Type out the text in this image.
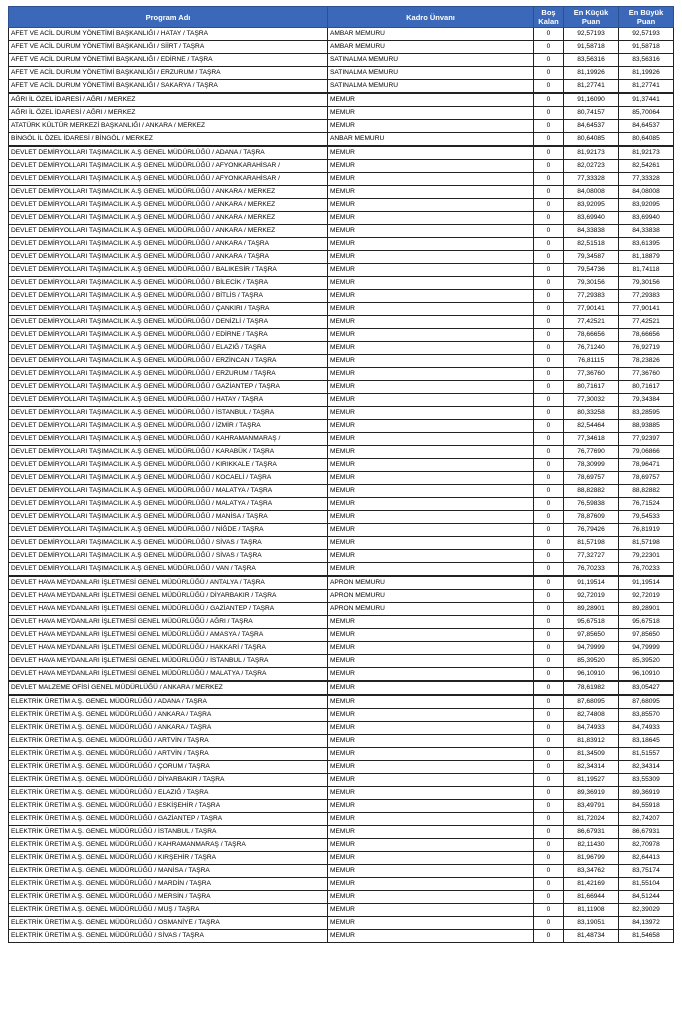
Program Adı	Kadro Ünvanı	Boş Kalan	En Küçük Puan	En Büyük Puan
AFET VE ACİL DURUM YÖNETİMİ BAŞKANLIĞI / HATAY / TAŞRA	AMBAR MEMURU	0	92,57193	92,57193
AFET VE ACİL DURUM YÖNETİMİ BAŞKANLIĞI / SİİRT / TAŞRA	AMBAR MEMURU	0	91,58718	91,58718
AFET VE ACİL DURUM YÖNETİMİ BAŞKANLIĞI / EDİRNE / TAŞRA	SATINALMA MEMURU	0	83,56316	83,56316
AFET VE ACİL DURUM YÖNETİMİ BAŞKANLIĞI / ERZURUM / TAŞRA	SATINALMA MEMURU	0	81,19926	81,19926
AFET VE ACİL DURUM YÖNETİMİ BAŞKANLIĞI / SAKARYA / TAŞRA	SATINALMA MEMURU	0	81,27741	81,27741
AĞRI İL ÖZEL İDARESİ / AĞRI / MERKEZ	MEMUR	0	91,16090	91,37441
AĞRI İL ÖZEL İDARESİ / AĞRI / MERKEZ	MEMUR	0	80,74157	85,70064
ATATÜRK KÜLTÜR MERKEZİ BAŞKANLIĞI / ANKARA / MERKEZ	MEMUR	0	84,64537	84,64537
BİNGÖL İL ÖZEL İDARESİ / BİNGÖL / MERKEZ	ANBAR MEMURU	0	80,64085	80,64085
DEVLET DEMİRYOLLARI TAŞIMACILIK A.Ş GENEL MÜDÜRLÜĞÜ / ADANA / TAŞRA	MEMUR	0	81,92173	81,92173
DEVLET DEMİRYOLLARI TAŞIMACILIK A.Ş GENEL MÜDÜRLÜĞÜ / AFYONKARAHİSAR /	MEMUR	0	82,02723	82,54261
DEVLET DEMİRYOLLARI TAŞIMACILIK A.Ş GENEL MÜDÜRLÜĞÜ / AFYONKARAHİSAR /	MEMUR	0	77,33328	77,33328
DEVLET DEMİRYOLLARI TAŞIMACILIK A.Ş GENEL MÜDÜRLÜĞÜ / ANKARA / MERKEZ	MEMUR	0	84,08008	84,08008
DEVLET DEMİRYOLLARI TAŞIMACILIK A.Ş GENEL MÜDÜRLÜĞÜ / ANKARA / MERKEZ	MEMUR	0	83,92095	83,92095
DEVLET DEMİRYOLLARI TAŞIMACILIK A.Ş GENEL MÜDÜRLÜĞÜ / ANKARA / MERKEZ	MEMUR	0	83,69940	83,69940
DEVLET DEMİRYOLLARI TAŞIMACILIK A.Ş GENEL MÜDÜRLÜĞÜ / ANKARA / MERKEZ	MEMUR	0	84,33838	84,33838
DEVLET DEMİRYOLLARI TAŞIMACILIK A.Ş GENEL MÜDÜRLÜĞÜ / ANKARA / TAŞRA	MEMUR	0	82,51518	83,61395
DEVLET DEMİRYOLLARI TAŞIMACILIK A.Ş GENEL MÜDÜRLÜĞÜ / ANKARA / TAŞRA	MEMUR	0	79,34587	81,18879
DEVLET DEMİRYOLLARI TAŞIMACILIK A.Ş GENEL MÜDÜRLÜĞÜ / BALIKESİR / TAŞRA	MEMUR	0	79,54736	81,74118
DEVLET DEMİRYOLLARI TAŞIMACILIK A.Ş GENEL MÜDÜRLÜĞÜ / BİLECİK / TAŞRA	MEMUR	0	79,30156	79,30156
DEVLET DEMİRYOLLARI TAŞIMACILIK A.Ş GENEL MÜDÜRLÜĞÜ / BİTLİS / TAŞRA	MEMUR	0	77,29383	77,29383
DEVLET DEMİRYOLLARI TAŞIMACILIK A.Ş GENEL MÜDÜRLÜĞÜ / ÇANKIRI / TAŞRA	MEMUR	0	77,90141	77,90141
DEVLET DEMİRYOLLARI TAŞIMACILIK A.Ş GENEL MÜDÜRLÜĞÜ / DENİZLİ / TAŞRA	MEMUR	0	77,42521	77,42521
DEVLET DEMİRYOLLARI TAŞIMACILIK A.Ş GENEL MÜDÜRLÜĞÜ / EDİRNE / TAŞRA	MEMUR	0	78,66656	78,66656
DEVLET DEMİRYOLLARI TAŞIMACILIK A.Ş GENEL MÜDÜRLÜĞÜ / ELAZIĞ / TAŞRA	MEMUR	0	76,71240	76,92719
DEVLET DEMİRYOLLARI TAŞIMACILIK A.Ş GENEL MÜDÜRLÜĞÜ / ERZİNCAN / TAŞRA	MEMUR	0	76,81115	78,23826
DEVLET DEMİRYOLLARI TAŞIMACILIK A.Ş GENEL MÜDÜRLÜĞÜ / ERZURUM / TAŞRA	MEMUR	0	77,36760	77,36760
DEVLET DEMİRYOLLARI TAŞIMACILIK A.Ş GENEL MÜDÜRLÜĞÜ / GAZİANTEP / TAŞRA	MEMUR	0	80,71617	80,71617
DEVLET DEMİRYOLLARI TAŞIMACILIK A.Ş GENEL MÜDÜRLÜĞÜ / HATAY / TAŞRA	MEMUR	0	77,30032	79,34384
DEVLET DEMİRYOLLARI TAŞIMACILIK A.Ş GENEL MÜDÜRLÜĞÜ / İSTANBUL / TAŞRA	MEMUR	0	80,33258	83,28595
DEVLET DEMİRYOLLARI TAŞIMACILIK A.Ş GENEL MÜDÜRLÜĞÜ / İZMİR / TAŞRA	MEMUR	0	82,54464	88,93885
DEVLET DEMİRYOLLARI TAŞIMACILIK A.Ş GENEL MÜDÜRLÜĞÜ / KAHRAMANMARAŞ /	MEMUR	0	77,34618	77,92397
DEVLET DEMİRYOLLARI TAŞIMACILIK A.Ş GENEL MÜDÜRLÜĞÜ / KARABÜK / TAŞRA	MEMUR	0	76,77690	79,06866
DEVLET DEMİRYOLLARI TAŞIMACILIK A.Ş GENEL MÜDÜRLÜĞÜ / KIRIKKALE / TAŞRA	MEMUR	0	78,30999	78,96471
DEVLET DEMİRYOLLARI TAŞIMACILIK A.Ş GENEL MÜDÜRLÜĞÜ / KOCAELİ / TAŞRA	MEMUR	0	78,69757	78,69757
DEVLET DEMİRYOLLARI TAŞIMACILIK A.Ş GENEL MÜDÜRLÜĞÜ / MALATYA / TAŞRA	MEMUR	0	88,82882	88,82882
DEVLET DEMİRYOLLARI TAŞIMACILIK A.Ş GENEL MÜDÜRLÜĞÜ / MALATYA / TAŞRA	MEMUR	0	76,59838	76,71524
DEVLET DEMİRYOLLARI TAŞIMACILIK A.Ş GENEL MÜDÜRLÜĞÜ / MANİSA / TAŞRA	MEMUR	0	78,87609	79,54533
DEVLET DEMİRYOLLARI TAŞIMACILIK A.Ş GENEL MÜDÜRLÜĞÜ / NİĞDE / TAŞRA	MEMUR	0	76,79426	76,81919
DEVLET DEMİRYOLLARI TAŞIMACILIK A.Ş GENEL MÜDÜRLÜĞÜ / SİVAS / TAŞRA	MEMUR	0	81,57198	81,57198
DEVLET DEMİRYOLLARI TAŞIMACILIK A.Ş GENEL MÜDÜRLÜĞÜ / SİVAS / TAŞRA	MEMUR	0	77,32727	79,22301
DEVLET DEMİRYOLLARI TAŞIMACILIK A.Ş GENEL MÜDÜRLÜĞÜ / VAN / TAŞRA	MEMUR	0	76,70233	76,70233
DEVLET HAVA MEYDANLARI İŞLETMESİ GENEL MÜDÜRLÜĞÜ / ANTALYA / TAŞRA	APRON MEMURU	0	91,19514	91,19514
DEVLET HAVA MEYDANLARI İŞLETMESİ GENEL MÜDÜRLÜĞÜ / DİYARBAKIR / TAŞRA	APRON MEMURU	0	92,72019	92,72019
DEVLET HAVA MEYDANLARI İŞLETMESİ GENEL MÜDÜRLÜĞÜ / GAZİANTEP / TAŞRA	APRON MEMURU	0	89,28901	89,28901
DEVLET HAVA MEYDANLARI İŞLETMESİ GENEL MÜDÜRLÜĞÜ / AĞRI / TAŞRA	MEMUR	0	95,67518	95,67518
DEVLET HAVA MEYDANLARI İŞLETMESİ GENEL MÜDÜRLÜĞÜ / AMASYA / TAŞRA	MEMUR	0	97,85650	97,85650
DEVLET HAVA MEYDANLARI İŞLETMESİ GENEL MÜDÜRLÜĞÜ / HAKKARİ / TAŞRA	MEMUR	0	94,79999	94,79999
DEVLET HAVA MEYDANLARI İŞLETMESİ GENEL MÜDÜRLÜĞÜ / İSTANBUL / TAŞRA	MEMUR	0	85,39520	85,39520
DEVLET HAVA MEYDANLARI İŞLETMESİ GENEL MÜDÜRLÜĞÜ / MALATYA / TAŞRA	MEMUR	0	96,10910	96,10910
DEVLET MALZEME OFİSİ GENEL MÜDÜRLÜĞÜ / ANKARA / MERKEZ	MEMUR	0	78,61982	83,05427
ELEKTRİK ÜRETİM A.Ş. GENEL MÜDÜRLÜĞÜ / ADANA / TAŞRA	MEMUR	0	87,68095	87,68095
ELEKTRİK ÜRETİM A.Ş. GENEL MÜDÜRLÜĞÜ / ANKARA / TAŞRA	MEMUR	0	82,74808	83,85570
ELEKTRİK ÜRETİM A.Ş. GENEL MÜDÜRLÜĞÜ / ANKARA / TAŞRA	MEMUR	0	84,74933	84,74933
ELEKTRİK ÜRETİM A.Ş. GENEL MÜDÜRLÜĞÜ / ARTVİN / TAŞRA	MEMUR	0	81,83912	83,18645
ELEKTRİK ÜRETİM A.Ş. GENEL MÜDÜRLÜĞÜ / ARTVİN / TAŞRA	MEMUR	0	81,34509	81,51557
ELEKTRİK ÜRETİM A.Ş. GENEL MÜDÜRLÜĞÜ / ÇORUM / TAŞRA	MEMUR	0	82,34314	82,34314
ELEKTRİK ÜRETİM A.Ş. GENEL MÜDÜRLÜĞÜ / DİYARBAKIR / TAŞRA	MEMUR	0	81,19527	83,55309
ELEKTRİK ÜRETİM A.Ş. GENEL MÜDÜRLÜĞÜ / ELAZIĞ / TAŞRA	MEMUR	0	89,36919	89,36919
ELEKTRİK ÜRETİM A.Ş. GENEL MÜDÜRLÜĞÜ / ESKİŞEHİR / TAŞRA	MEMUR	0	83,49791	84,55918
ELEKTRİK ÜRETİM A.Ş. GENEL MÜDÜRLÜĞÜ / GAZİANTEP / TAŞRA	MEMUR	0	81,72024	82,74207
ELEKTRİK ÜRETİM A.Ş. GENEL MÜDÜRLÜĞÜ / İSTANBUL / TAŞRA	MEMUR	0	86,67931	86,67931
ELEKTRİK ÜRETİM A.Ş. GENEL MÜDÜRLÜĞÜ / KAHRAMANMARAŞ / TAŞRA	MEMUR	0	82,11430	82,70978
ELEKTRİK ÜRETİM A.Ş. GENEL MÜDÜRLÜĞÜ / KIRŞEHİR / TAŞRA	MEMUR	0	81,96799	82,64413
ELEKTRİK ÜRETİM A.Ş. GENEL MÜDÜRLÜĞÜ / MANİSA / TAŞRA	MEMUR	0	83,34762	83,75174
ELEKTRİK ÜRETİM A.Ş. GENEL MÜDÜRLÜĞÜ / MARDİN / TAŞRA	MEMUR	0	81,42169	81,55104
ELEKTRİK ÜRETİM A.Ş. GENEL MÜDÜRLÜĞÜ / MERSİN / TAŞRA	MEMUR	0	81,66944	84,51244
ELEKTRİK ÜRETİM A.Ş. GENEL MÜDÜRLÜĞÜ / MUŞ / TAŞRA	MEMUR	0	81,11908	82,39029
ELEKTRİK ÜRETİM A.Ş. GENEL MÜDÜRLÜĞÜ / OSMANİYE / TAŞRA	MEMUR	0	83,19051	84,13972
ELEKTRİK ÜRETİM A.Ş. GENEL MÜDÜRLÜĞÜ / SİVAS / TAŞRA	MEMUR	0	81,48734	81,54658
